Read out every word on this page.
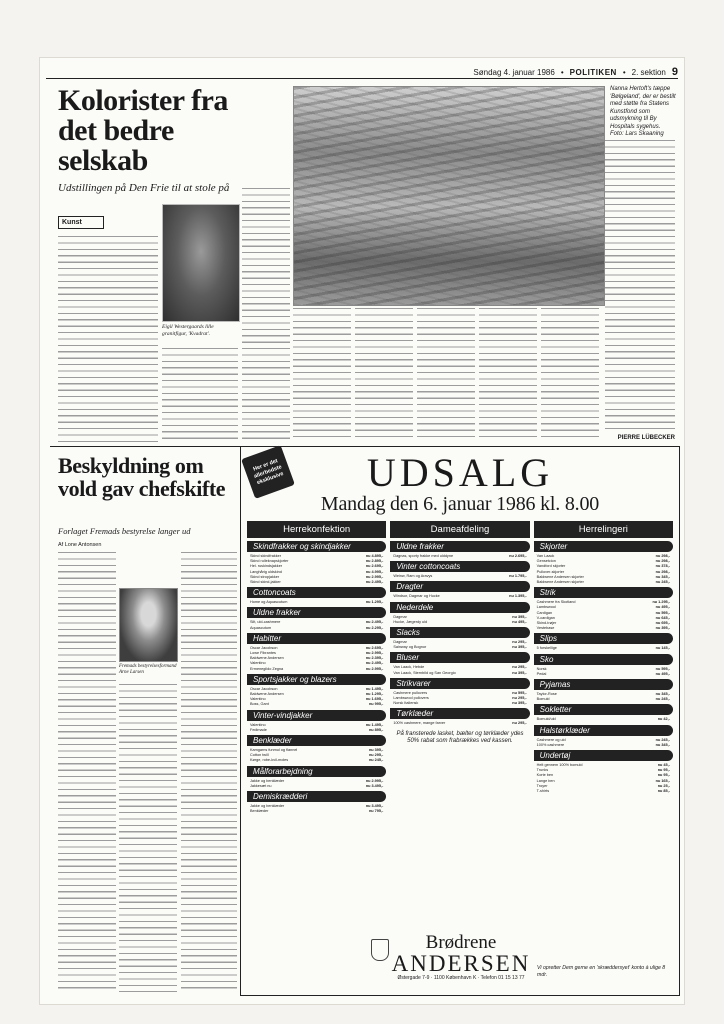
Søndag 4. januar 1986 • POLITIKEN • 2. sektion 9
Kolorister fra det bedre selskab
Udstillingen på Den Frie til at stole på
Kunst
Eigil Westergaards lille granitfigur, 'Kvadrat'.
Nanna Hertoft's tæppe 'Bølgeland', der er bestilt med støtte fra Statens Kunstfond som udsmykning til By Hospitals sygehus.
Foto: Lars Skaaning
PIERRE LÜBECKER
Beskyldning om vold gav chefskifte
Forlaget Fremads bestyrelse langer ud
Af Lone Antonsen
Fremads bestyrelsesformand Arne Larsen
Her er det allerbedste eksklusive	UDSALG
Mandag den 6. januar 1986 kl. 8.00
Herrekonfektion
Skindfrakker og skindjakker
Skind skindfrakker	nu 4.895,-
Skind rulleknapskjorter	nu 2.895,-
Hel. ruskindsjakker	nu 2.695,-
Langhårig uldskind	nu 4.995,-
Skind stropjakker	nu 2.995,-
Skind skind-jakker	nu 2.495,-
Cottoncoats
Home og Aquascutum	nu 1.295,-
Uldne frakker
Silt, uld-cashmere	nu 2.495,-
Aquascutum	nu 2.295,-
Habitter
Oscar Jacobson	nu 2.695,-
Lowe Fibrantes	nu 2.995,-
Baldwene Andersen	nu 2.395,-
Valentino	nu 2.495,-
Ermenegildo Zegna	nu 2.995,-
Sportsjakker og blazers
Oscar Jacobson	nu 1.495,-
Baldwene Andersen	nu 1.295,-
Valentino	nu 1.695,-
Boss, Gant	nu 995,-
Vinter-vindjakker
Valentino	nu 1.495,-
Fedimade	nu 895,-
Benklæder
Kamgarns funmul og flannel	nu 395,-
Cotton twill	nu 295,-
Kørge, robe-kvil-moles	nu 245,-
Målforarbejdning
Jakke og benklæder	nu 2.995,-
Jakkesæt nu	nu 3.495,-
Demiskrædderi
Jakke og benklæder	nu 3.495,-
Benklæder	nu 795,-
Dameafdeling
Uldne frakker
Dagnas, sporty frakke med ulddyne	nu 2.695,-
Vinter cottoncoats
Weinw, Ram og Aravys	nu 1.795,-
Dragter
Windsor, Dagmar og Hucke	nu 1.395,-
Nederdele
Dagmar	nu 395,-
Hucke, Jægerdy uld	nu 495,-
Slacks
Dagmar	nu 295,-
Sainway og Bognor	nu 395,-
Bluser
Van Laack, Hebde	nu 295,-
Van Laack, Sternbild og San Georgio	nu 395,-
Strikvarer
Cashmere pullovers	nu 595,-
Lambswool pullovers	nu 295,-
Norsk Italiensk	nu 395,-
Tørklæder
100% cashmere, mange farver	nu 295,-
På fransterede lasket, bælter og tørklæder ydes 50% rabat som frabrækkes ved kassen.
Herrelingeri
Skjorter
Van Laack	nu 298,-
Gensetcion	nu 298,-
Vandford skjorter	nu 378,-
Pullover-skjorter	nu 298,-
Baldwene Andersen skjorter	nu 345,-
Baldwene Andersen skjorter	nu 245,-
Strik
Cashmere fra Skotland	nu 1.295,-
Lambswool	nu 495,-
Cardigan	nu 595,-
V-cardigan	nu 645,-
Skind-trøjer	nu 695,-
Vestebase	nu 395,-
Slips
5 forskellige	nu 145,-
Sko
Norsk	nu 595,-
Pedal	nu 495,-
Pyjamas
Taylor-Rose	nu 345,-
Bomuld	nu 245,-
Sokletter
Bomuld/uld	nu 42,-
Halstørklæder
Cashmere og uld	nu 245,-
100% cashmere	nu 345,-
Undertøj
Helt gennem 100% bomuld	nu 45,-
Trunks	nu 95,-
Korte ben	nu 95,-
Lange ben	nu 165,-
Troyer	nu 25,-
T-shirts	nu 85,-
Brødrene
ANDERSEN
Østergade 7-9 · 1100 København K · Telefon 01 15 13 77
Vi opretter Dem gerne en 'skræddersyet' konto à ulige 8 mdr.
